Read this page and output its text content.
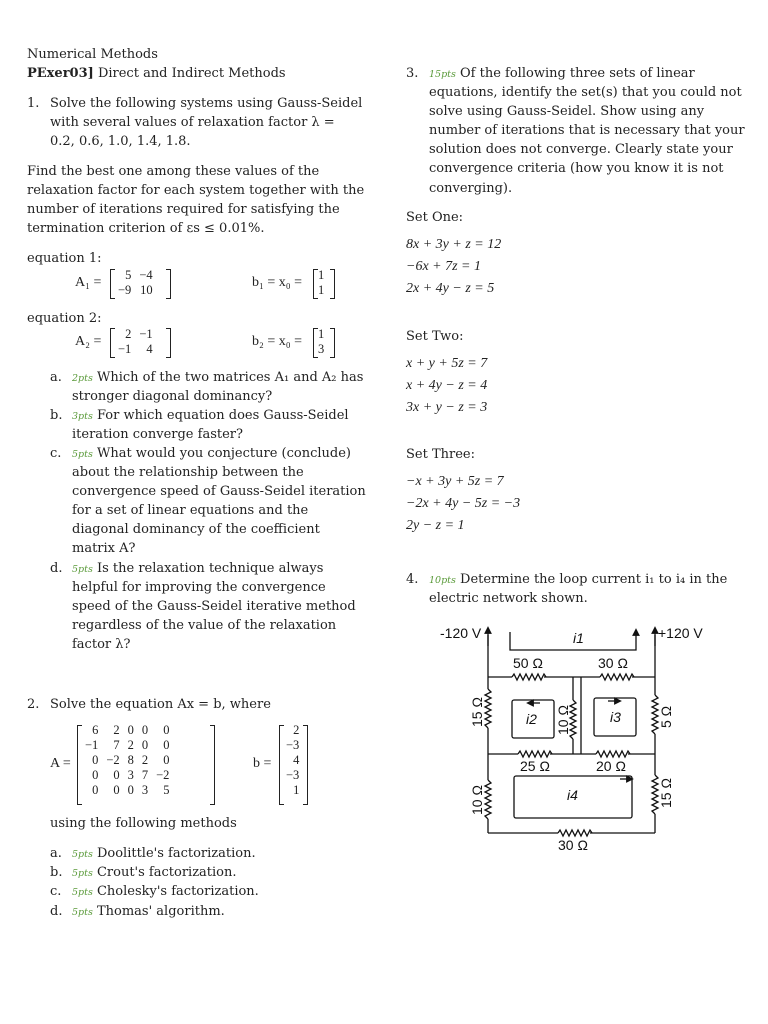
Numerical Methods
PExer03] Direct and Indirect Methods
1. Solve the following systems using Gauss-Seidel
with several values of relaxation factor λ =
0.2, 0.6, 1.0, 1.4, 1.8.
Find the best one among these values of the
relaxation factor for each system together with the
number of iterations required for satisfying the
termination criterion of εs ≤ 0.01%.
equation 1:
A₁ = 5	−4
−9	10	b₁ = x₀ = 1
1
equation 2:
A₂ = 2	−1
−1	4	b₂ = x₀ = 1
3
a. 2pts Which of the two matrices A₁ and A₂ has
stronger diagonal dominancy?
b. 3pts For which equation does Gauss-Seidel
iteration converge faster?
c. 5pts What would you conjecture (conclude)
about the relationship between the
convergence speed of Gauss-Seidel iteration
for a set of linear equations and the
diagonal dominancy of the coefficient
matrix A?
d. 5pts Is the relaxation technique always
helpful for improving the convergence
speed of the Gauss-Seidel iterative method
regardless of the value of the relaxation
factor λ?
2. Solve the equation Ax = b, where
A =
6	2	0	0	0
−1	7	2	0	0
0	−2	8	2	0
0	0	3	7	−2
0	0	0	3	5
b =
2
−3
4
−3
1
using the following methods
a. 5pts Doolittle's factorization.
b. 5pts Crout's factorization.
c. 5pts Cholesky's factorization.
d. 5pts Thomas' algorithm.
3. 15pts Of the following three sets of linear
equations, identify the set(s) that you could not
solve using Gauss-Seidel. Show using any
number of iterations that is necessary that your
solution does not converge. Clearly state your
convergence criteria (how you know it is not
converging).
Set One:
8x + 3y + z = 12
−6x + 7z = 1
2x + 4y − z = 5
Set Two:
x + y + 5z = 7
x + 4y − z = 4
3x + y − z = 3
Set Three:
−x + 3y + 5z = 7
−2x + 4y − 5z = −3
2y − z = 1
4. 10pts Determine the loop current i₁ to i₄ in the
electric network shown.
-120 V	+120 V
50 Ω	30 Ω
25 Ω	20 Ω
30 Ω
15 Ω
10 Ω
10 Ω	5 Ω
15 Ω
i1
i2	i3
i4
